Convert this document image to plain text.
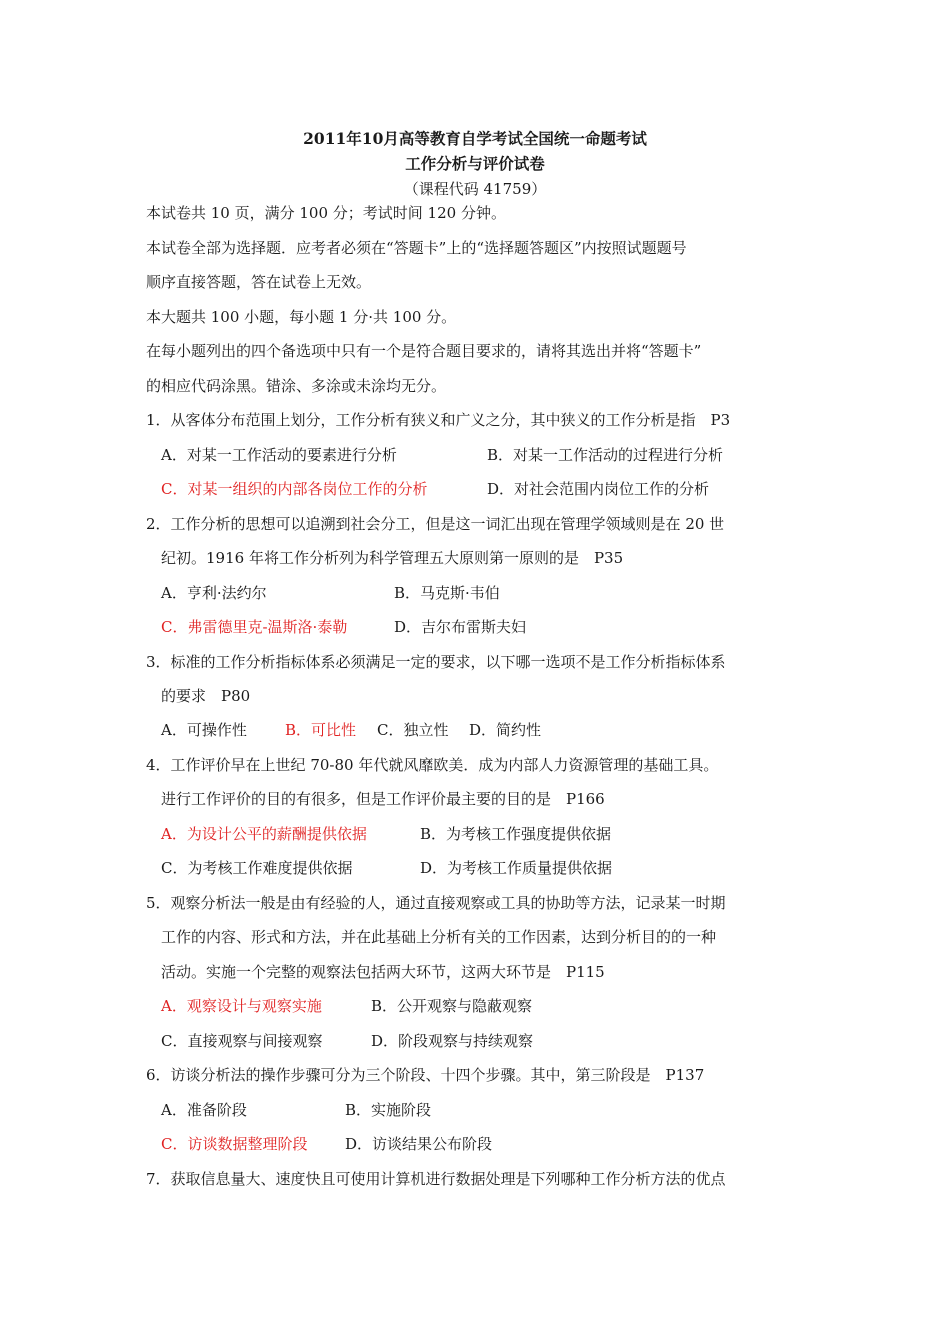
2011年10月高等教育自学考试全国统一命题考试
工作分析与评价试卷
（课程代码 41759）
本试卷共 10 页，满分 100 分；考试时间 120 分钟。
本试卷全部为选择题．应考者必须在“答题卡”上的“选择题答题区”内按照试题题号
顺序直接答题，答在试卷上无效。
本大题共 100 小题，每小题 1 分·共 100 分。
在每小题列出的四个备选项中只有一个是符合题目要求的，请将其选出并将“答题卡”
的相应代码涂黑。错涂、多涂或未涂均无分。
1．从客体分布范围上划分，工作分析有狭义和广义之分，其中狭义的工作分析是指　P3
A．对某一工作活动的要素进行分析	B．对某一工作活动的过程进行分析
C．对某一组织的内部各岗位工作的分析	D．对社会范围内岗位工作的分析
2．工作分析的思想可以追溯到社会分工，但是这一词汇出现在管理学领域则是在 20 世
纪初。1916 年将工作分析列为科学管理五大原则第一原则的是　P35
A．亨利·法约尔	B．马克斯·韦伯
C．弗雷德里克-温斯洛·泰勒	D．吉尔布雷斯夫妇
3．标准的工作分析指标体系必须满足一定的要求，以下哪一选项不是工作分析指标体系
的要求　P80
A．可操作性	B．可比性 C．独立性 D．简约性
4．工作评价早在上世纪 70-80 年代就风靡欧美．成为内部人力资源管理的基础工具。
进行工作评价的目的有很多，但是工作评价最主要的目的是　P166
A．为设计公平的薪酬提供依据	B．为考核工作强度提供依据
C．为考核工作难度提供依据	D．为考核工作质量提供依据
5．观察分析法一般是由有经验的人，通过直接观察或工具的协助等方法，记录某一时期
工作的内容、形式和方法，并在此基础上分析有关的工作因素，达到分析目的的一种
活动。实施一个完整的观察法包括两大环节，这两大环节是　P115
A．观察设计与观察实施	B．公开观察与隐蔽观察
C．直接观察与间接观察	D．阶段观察与持续观察
6．访谈分析法的操作步骤可分为三个阶段、十四个步骤。其中，第三阶段是　P137
A．准备阶段	B．实施阶段
C．访谈数据整理阶段	D．访谈结果公布阶段
7．获取信息量大、速度快且可使用计算机进行数据处理是下列哪种工作分析方法的优点
